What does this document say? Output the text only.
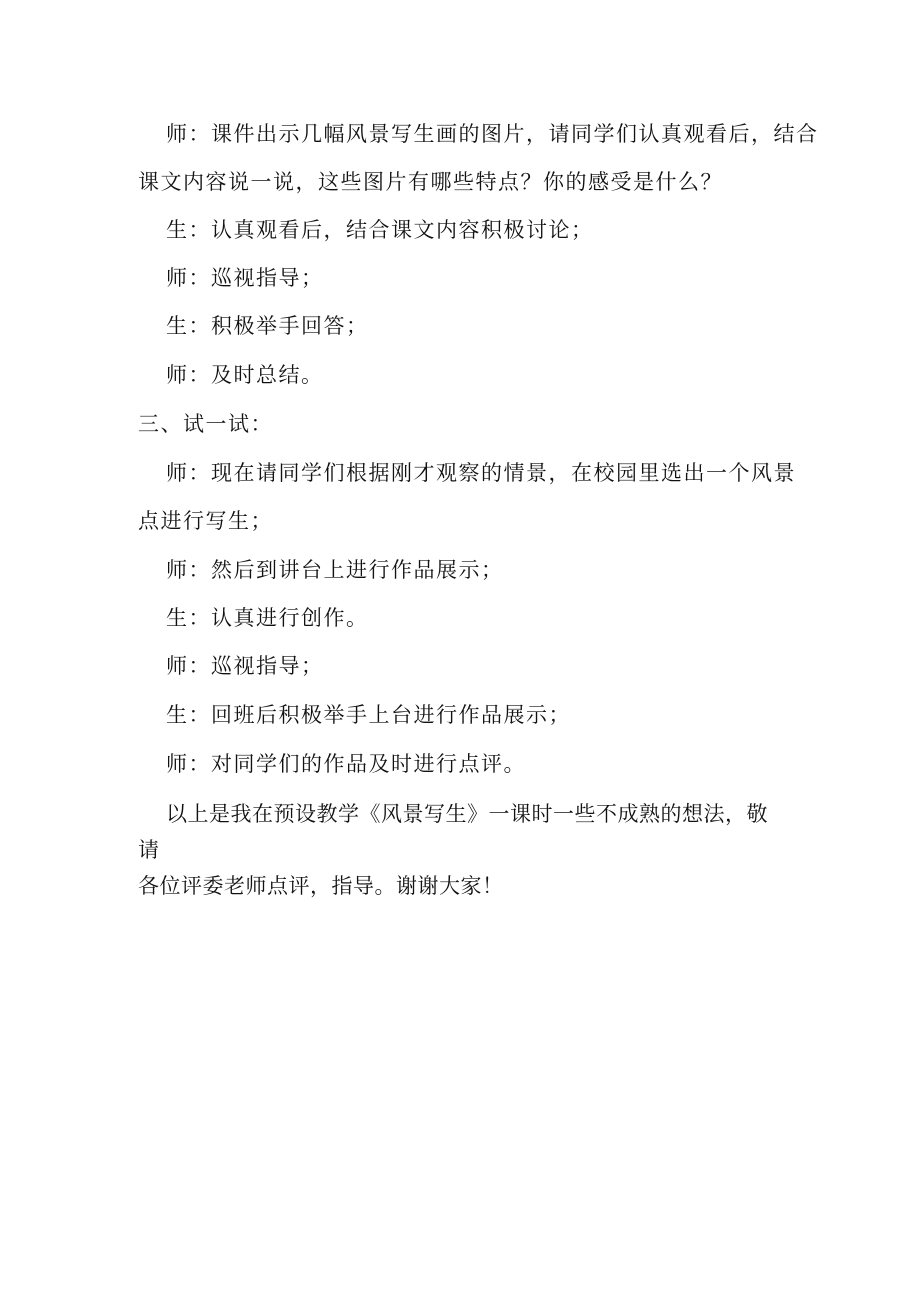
师：课件出示几幅风景写生画的图片，请同学们认真观看后，结合
课文内容说一说，这些图片有哪些特点？你的感受是什么？
生：认真观看后，结合课文内容积极讨论；
师：巡视指导；
生：积极举手回答；
师：及时总结。
三、试一试：
师：现在请同学们根据刚才观察的情景，在校园里选出一个风景
点进行写生；
师：然后到讲台上进行作品展示；
生：认真进行创作。
师：巡视指导；
生：回班后积极举手上台进行作品展示；
师：对同学们的作品及时进行点评。
以上是我在预设教学《风景写生》一课时一些不成熟的想法，敬请
各位评委老师点评，指导。谢谢大家！
